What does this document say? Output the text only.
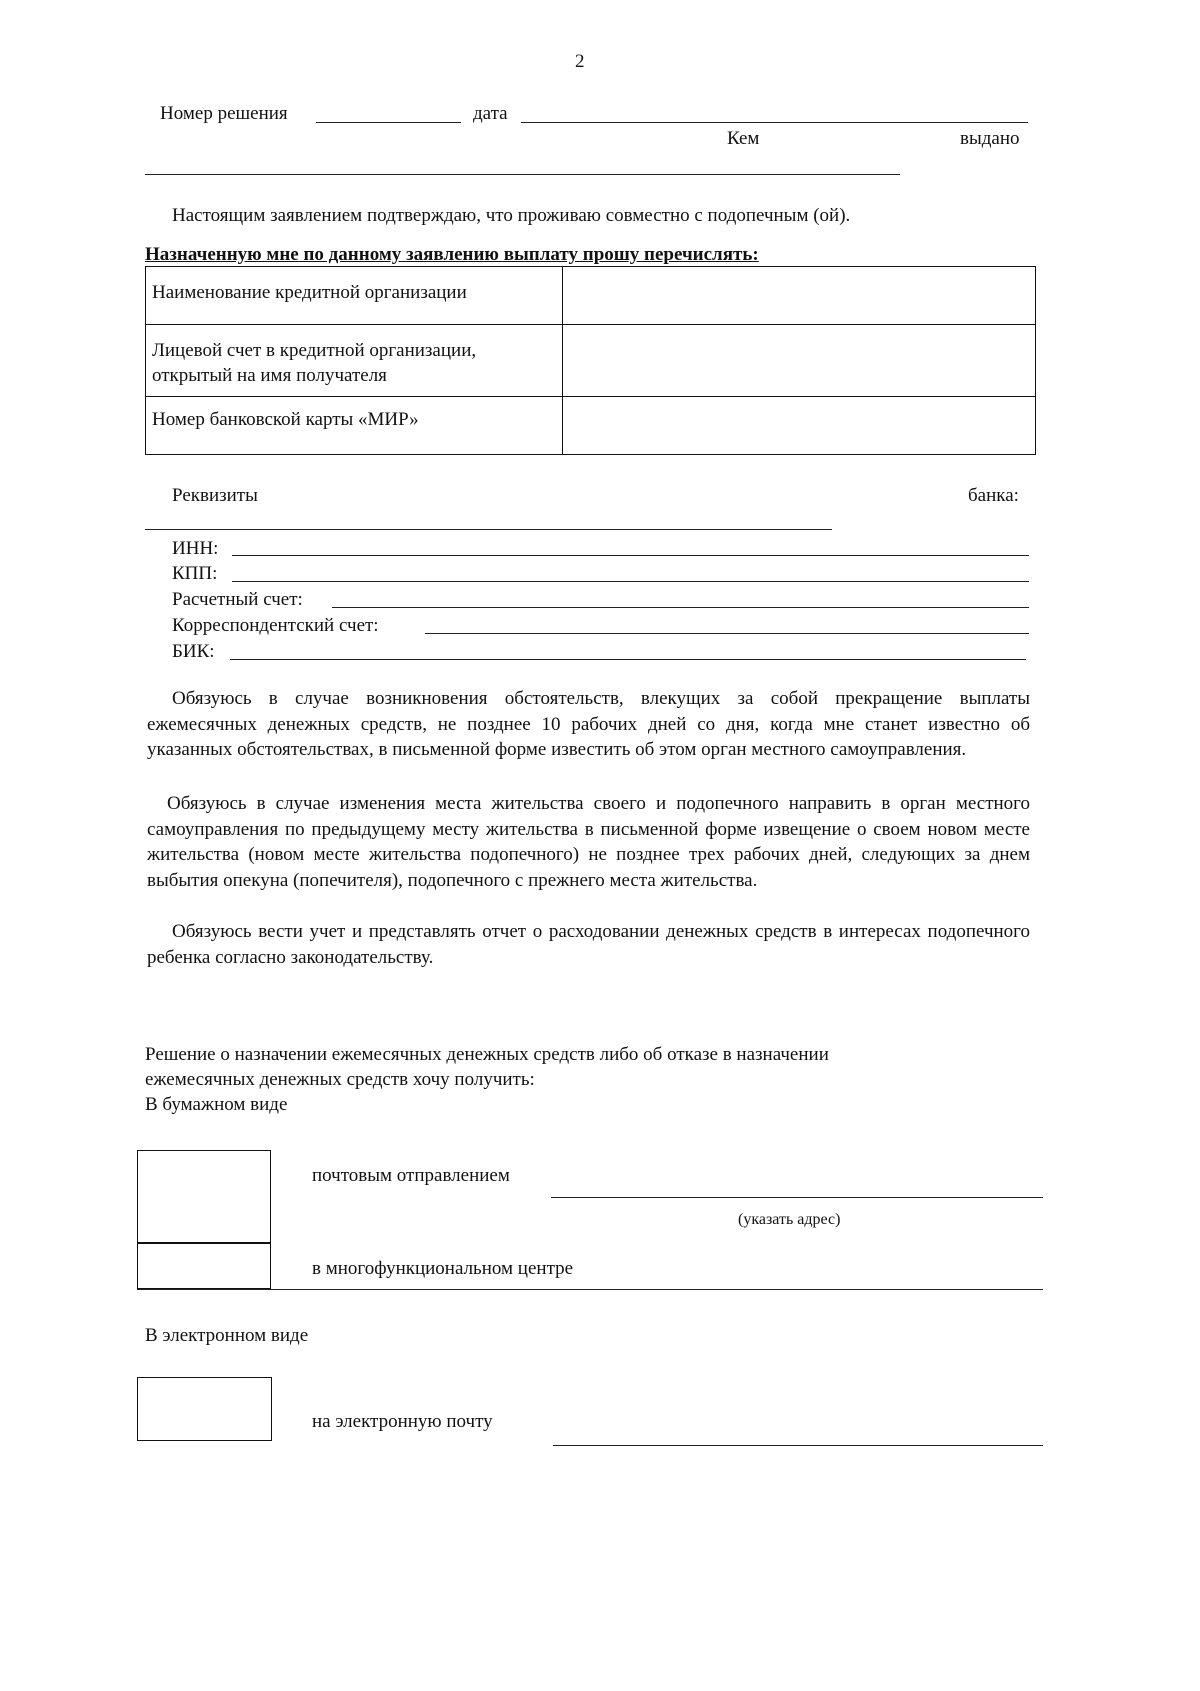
2
Номер решения	дата
Кем	выдано
Настоящим заявлением подтверждаю, что проживаю совместно с подопечным (ой).
Назначенную мне по данному заявлению выплату прошу перечислять:
Наименование кредитной организации	

Лицевой счет в кредитной организации,
открытый на имя получателя	

Номер банковской карты «МИР»	
Реквизиты	банка:
ИНН:
КПП:
Расчетный счет:
Корреспондентский счет:
БИК:
Обязуюсь в случае возникновения обстоятельств, влекущих за собой прекращение выплаты ежемесячных денежных средств, не позднее 10 рабочих дней со дня, когда мне станет известно об указанных обстоятельствах, в письменной форме известить об этом орган местного самоуправления.
Обязуюсь в случае изменения места жительства своего и подопечного направить в орган местного самоуправления по предыдущему месту жительства в письменной форме извещение о своем новом месте жительства (новом месте жительства подопечного) не позднее трех рабочих дней, следующих за днем выбытия опекуна (попечителя), подопечного с прежнего места жительства.
Обязуюсь вести учет и представлять отчет о расходовании денежных средств в интересах подопечного ребенка согласно законодательству.
Решение о назначении ежемесячных денежных средств либо об отказе в назначении
ежемесячных денежных средств хочу получить:
В бумажном виде
почтовым отправлением
(указать адрес)
в многофункциональном центре
В электронном виде
на электронную почту
